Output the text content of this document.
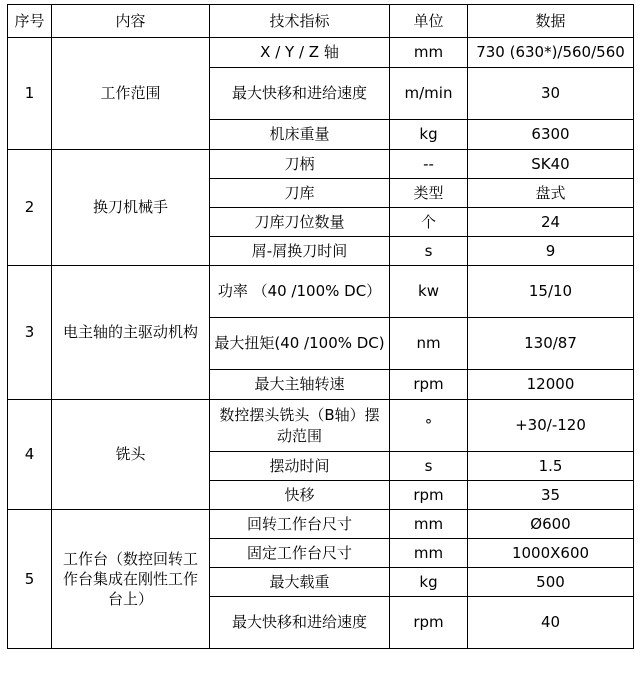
序号	内容	技术指标	单位	数据
1	工作范围	X / Y / Z 轴	mm	730 (630*)/560/560
		最大快移和进给速度	m/min	30
		机床重量	kg	6300
2	换刀机械手	刀柄	--	SK40
		刀库	类型	盘式
		刀库刀位数量	个	24
		屑-屑换刀时间	s	9
3	电主轴的主驱动机构	功率 （40 /100% DC）	kw	15/10
		最大扭矩(40 /100% DC)	nm	130/87
		最大主轴转速	rpm	12000
4	铣头	数控摆头铣头（B轴）摆动范围	°	+30/-120
		摆动时间	s	1.5
		快移	rpm	35
5	工作台（数控回转工作台集成在刚性工作台上）	回转工作台尺寸	mm	Ø600
		固定工作台尺寸	mm	1000X600
		最大载重	kg	500
		最大快移和进给速度	rpm	40
